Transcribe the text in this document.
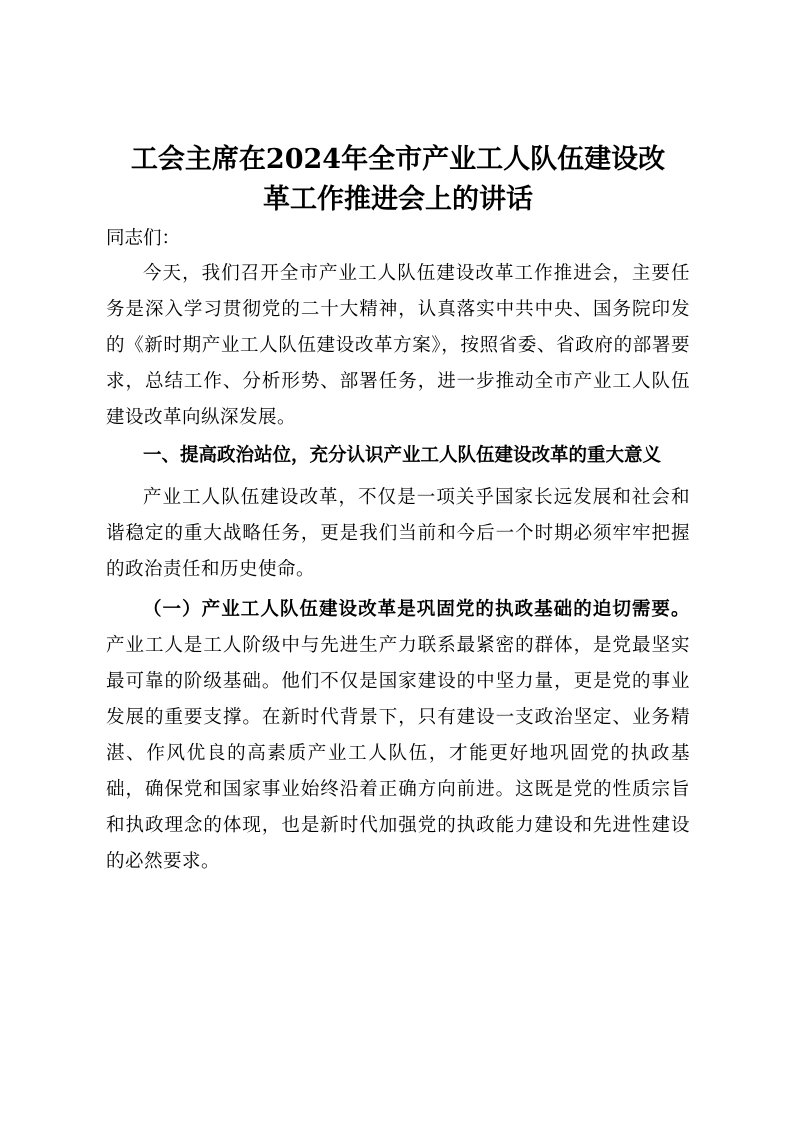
工会主席在2024年全市产业工人队伍建设改
革工作推进会上的讲话

同志们：

今天，我们召开全市产业工人队伍建设改革工作推进会，主要任务是深入学习贯彻党的二十大精神，认真落实中共中央、国务院印发的《新时期产业工人队伍建设改革方案》，按照省委、省政府的部署要求，总结工作、分析形势、部署任务，进一步推动全市产业工人队伍建设改革向纵深发展。

一、提高政治站位，充分认识产业工人队伍建设改革的重大意义

产业工人队伍建设改革，不仅是一项关乎国家长远发展和社会和谐稳定的重大战略任务，更是我们当前和今后一个时期必须牢牢把握的政治责任和历史使命。

（一）产业工人队伍建设改革是巩固党的执政基础的迫切需要。产业工人是工人阶级中与先进生产力联系最紧密的群体，是党最坚实最可靠的阶级基础。他们不仅是国家建设的中坚力量，更是党的事业发展的重要支撑。在新时代背景下，只有建设一支政治坚定、业务精湛、作风优良的高素质产业工人队伍，才能更好地巩固党的执政基础，确保党和国家事业始终沿着正确方向前进。这既是党的性质宗旨和执政理念的体现，也是新时代加强党的执政能力建设和先进性建设的必然要求。
